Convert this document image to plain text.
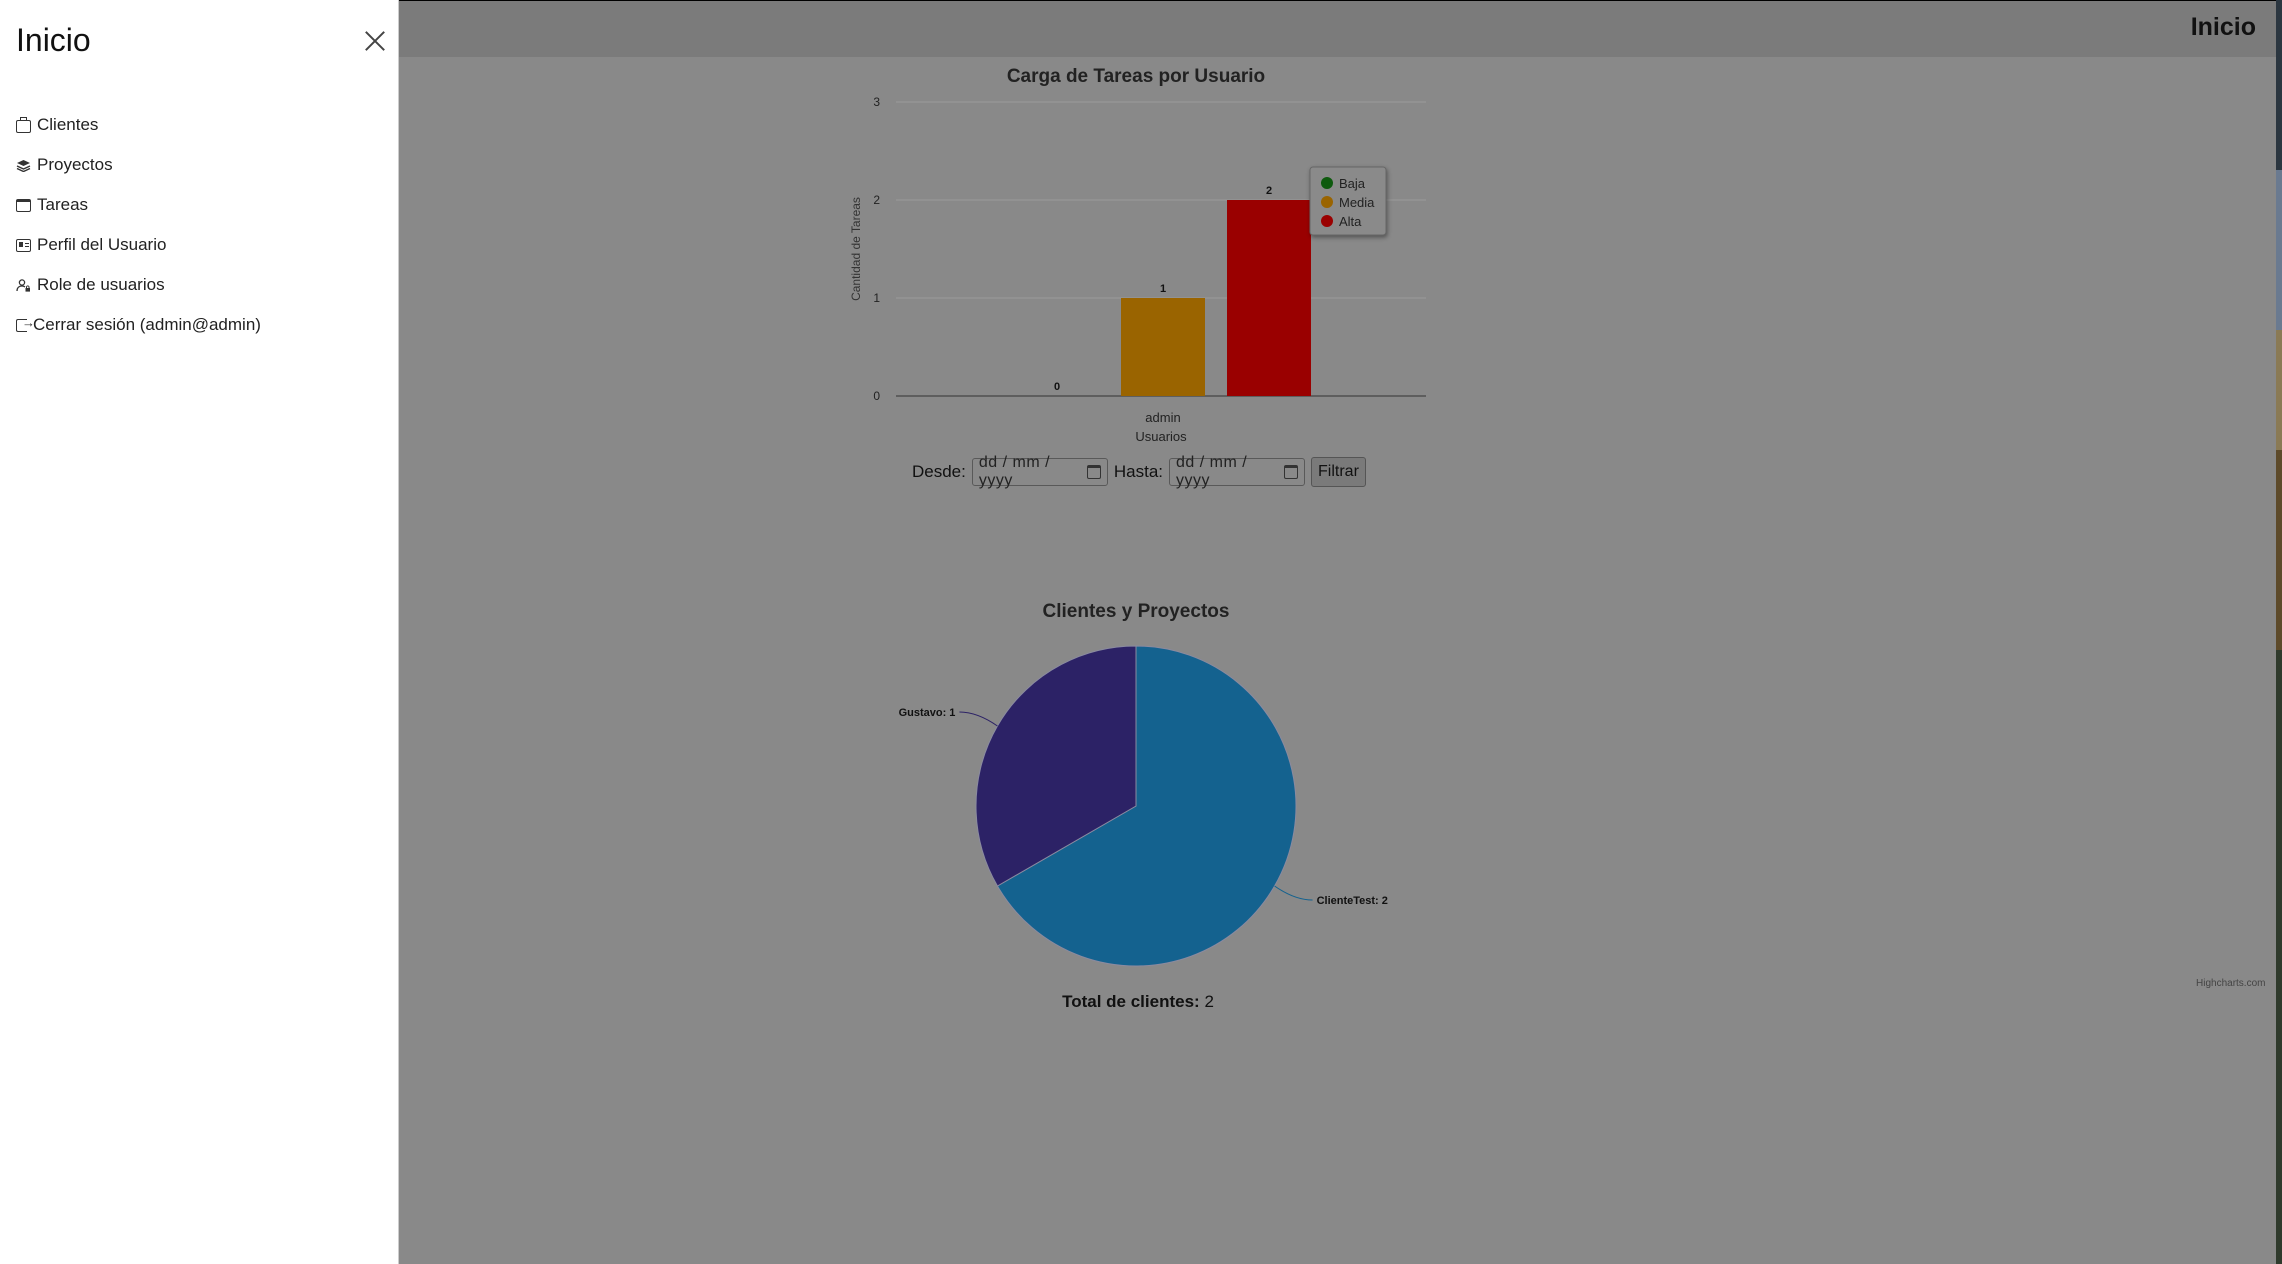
Inicio
Carga de Tareas por Usuario
0
1
2
3
Cantidad de Tareas
0
1
2
admin
Usuarios
Baja
Media
Alta
Clientes y Proyectos
ClienteTest: 2
Gustavo: 1
Desde: dd / mm / yyyy	Hasta: dd / mm / yyyy
Filtrar
Total de clientes: 2
Highcharts.com
Inicio
Clientes
Proyectos
Tareas
Perfil del Usuario
Role de usuarios
→
Cerrar sesión (admin@admin)
